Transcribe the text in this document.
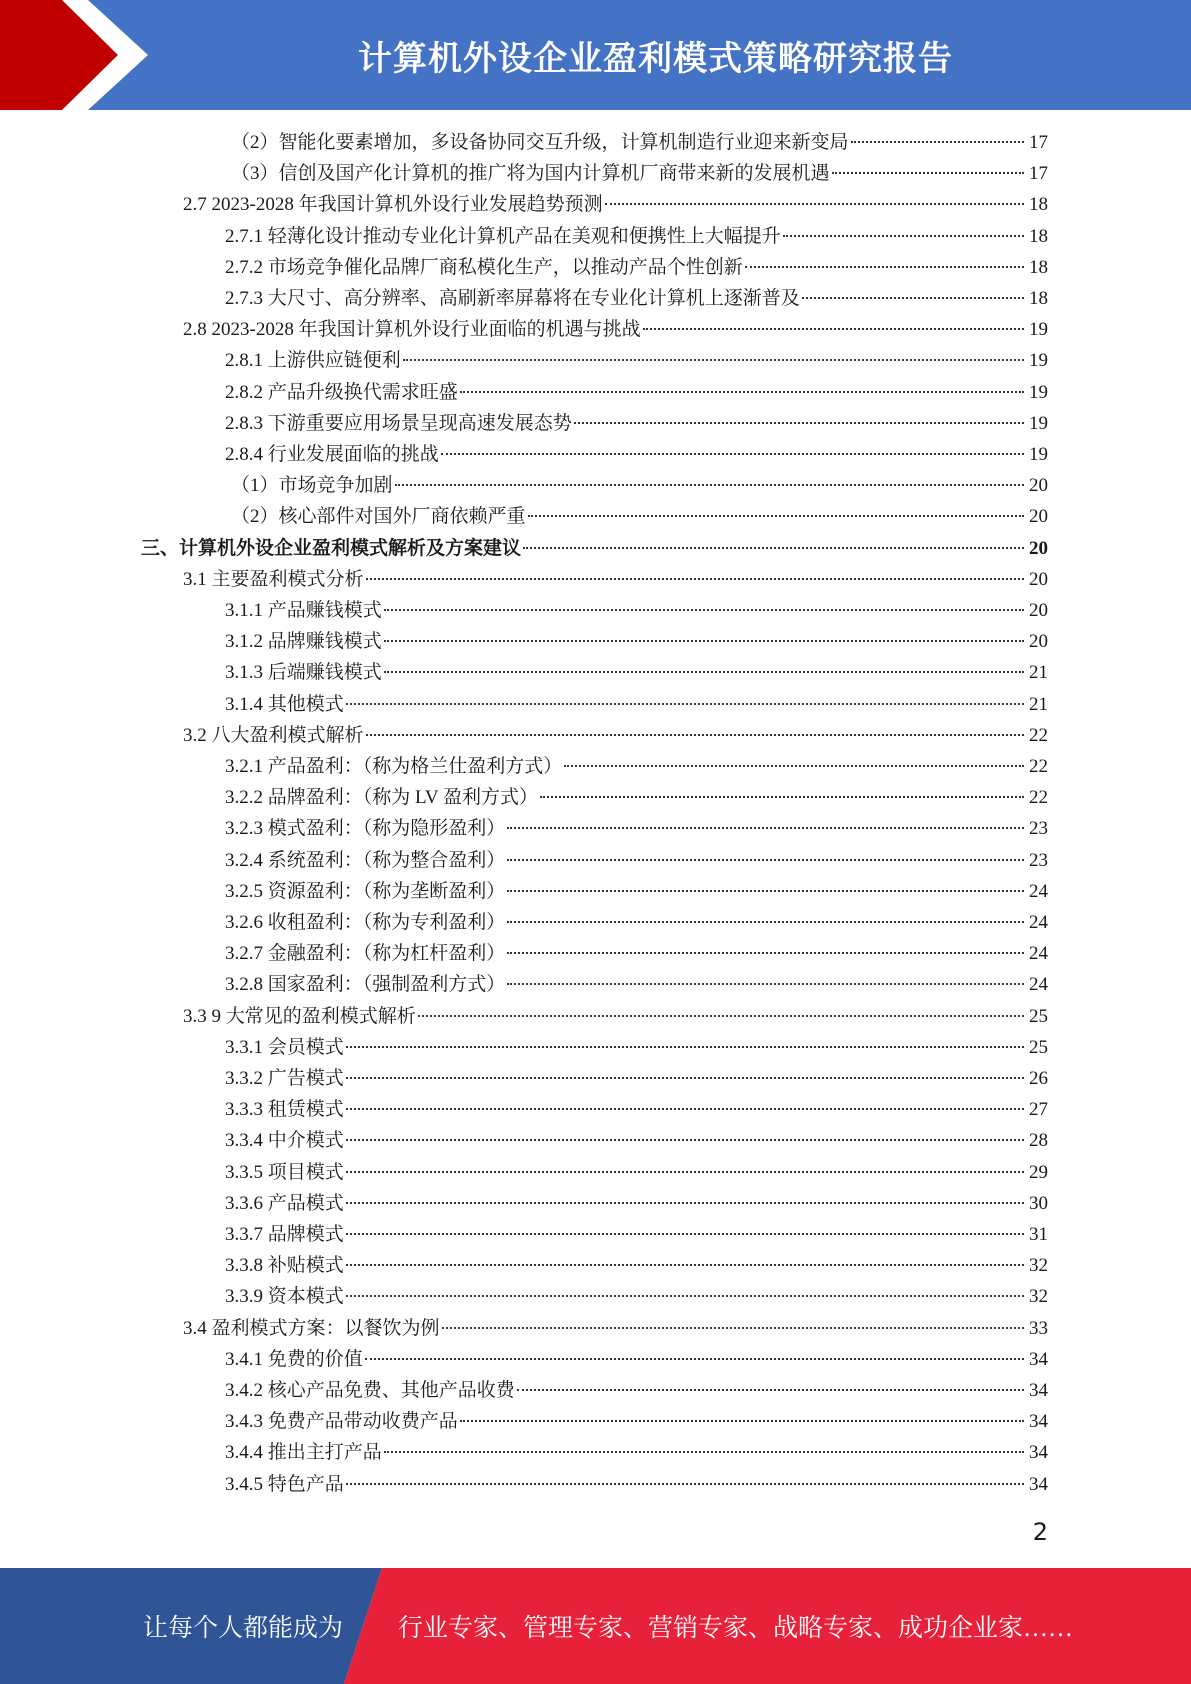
计算机外设企业盈利模式策略研究报告
（2）智能化要素增加，多设备协同交互升级，计算机制造行业迎来新变局	17
（3）信创及国产化计算机的推广将为国内计算机厂商带来新的发展机遇	17
2.7 2023-2028 年我国计算机外设行业发展趋势预测	18
2.7.1 轻薄化设计推动专业化计算机产品在美观和便携性上大幅提升	18
2.7.2 市场竞争催化品牌厂商私模化生产，以推动产品个性创新	18
2.7.3 大尺寸、高分辨率、高刷新率屏幕将在专业化计算机上逐渐普及	18
2.8 2023-2028 年我国计算机外设行业面临的机遇与挑战	19
2.8.1 上游供应链便利	19
2.8.2 产品升级换代需求旺盛	19
2.8.3 下游重要应用场景呈现高速发展态势	19
2.8.4 行业发展面临的挑战	19
（1）市场竞争加剧	20
（2）核心部件对国外厂商依赖严重	20
三、计算机外设企业盈利模式解析及方案建议	20
3.1 主要盈利模式分析	20
3.1.1 产品赚钱模式	20
3.1.2 品牌赚钱模式	20
3.1.3 后端赚钱模式	21
3.1.4 其他模式	21
3.2 八大盈利模式解析	22
3.2.1 产品盈利：（称为格兰仕盈利方式）	22
3.2.2 品牌盈利：（称为 LV 盈利方式）	22
3.2.3 模式盈利：（称为隐形盈利）	23
3.2.4 系统盈利：（称为整合盈利）	23
3.2.5 资源盈利：（称为垄断盈利）	24
3.2.6 收租盈利：（称为专利盈利）	24
3.2.7 金融盈利：（称为杠杆盈利）	24
3.2.8 国家盈利：（强制盈利方式）	24
3.3 9 大常见的盈利模式解析	25
3.3.1 会员模式	25
3.3.2 广告模式	26
3.3.3 租赁模式	27
3.3.4 中介模式	28
3.3.5 项目模式	29
3.3.6 产品模式	30
3.3.7 品牌模式	31
3.3.8 补贴模式	32
3.3.9 资本模式	32
3.4 盈利模式方案：以餐饮为例	33
3.4.1 免费的价值	34
3.4.2 核心产品免费、其他产品收费	34
3.4.3 免费产品带动收费产品	34
3.4.4 推出主打产品	34
3.4.5 特色产品	34
2
让每个人都能成为 行业专家、管理专家、营销专家、战略专家、成功企业家……
